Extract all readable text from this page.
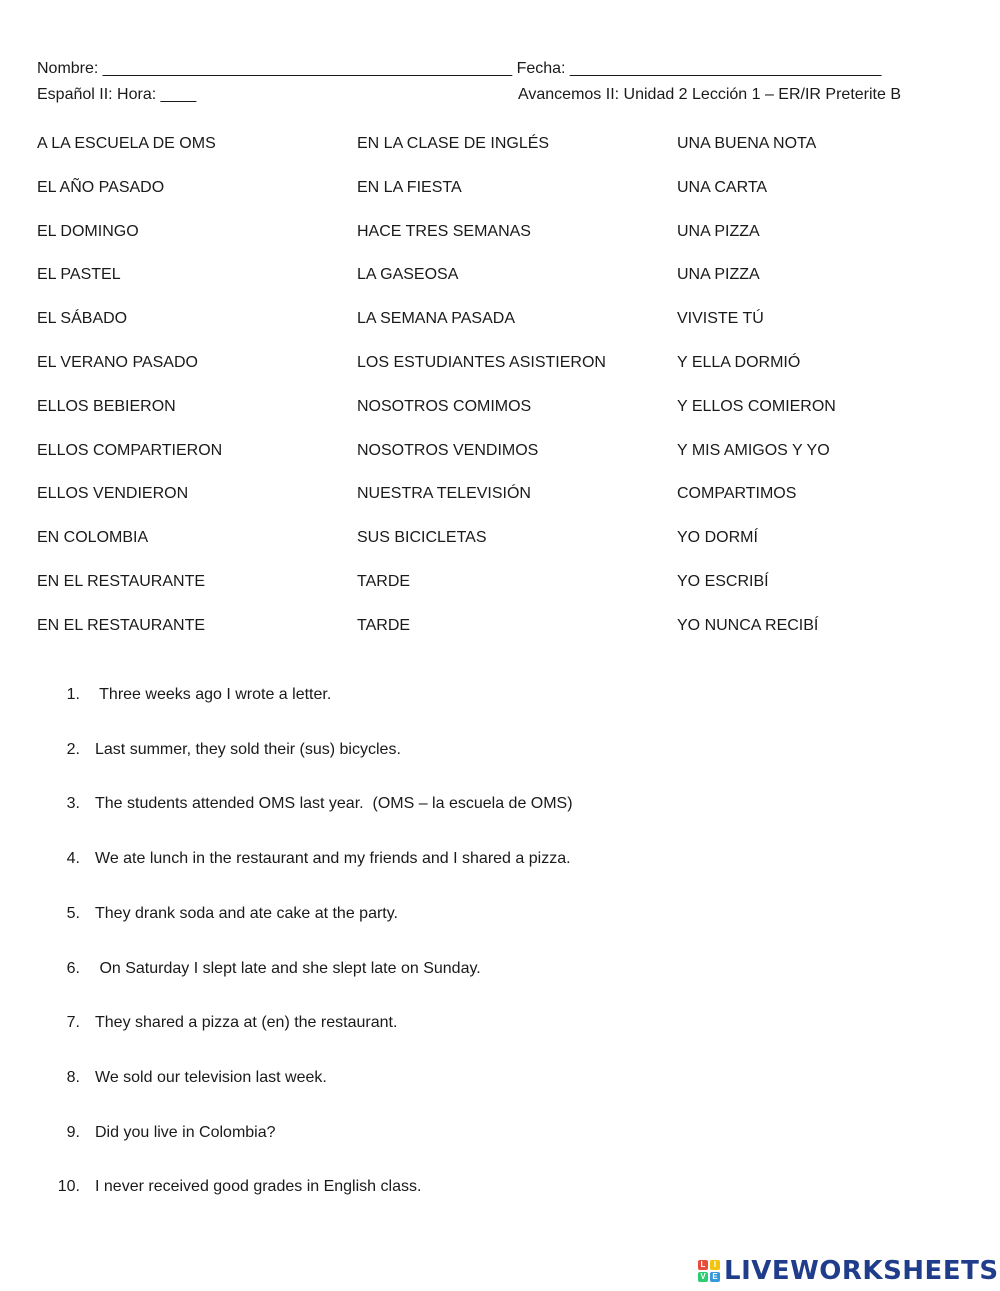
Nombre: ______________________________________________ Fecha: ___________________________________
Español II: Hora: ____	Avancemos II: Unidad 2 Lección 1 – ER/IR Preterite B
A LA ESCUELA DE OMS
EL AÑO PASADO
EL DOMINGO
EL PASTEL
EL SÁBADO
EL VERANO PASADO
ELLOS BEBIERON
ELLOS COMPARTIERON
ELLOS VENDIERON
EN COLOMBIA
EN EL RESTAURANTE
EN EL RESTAURANTE
EN LA CLASE DE INGLÉS
EN LA FIESTA
HACE TRES SEMANAS
LA GASEOSA
LA SEMANA PASADA
LOS ESTUDIANTES ASISTIERON
NOSOTROS COMIMOS
NOSOTROS VENDIMOS
NUESTRA TELEVISIÓN
SUS BICICLETAS
TARDE
TARDE
UNA BUENA NOTA
UNA CARTA
UNA PIZZA
UNA PIZZA
VIVISTE TÚ
Y ELLA DORMIÓ
Y ELLOS COMIERON
Y MIS AMIGOS Y YO
COMPARTIMOS
YO DORMÍ
YO ESCRIBÍ
YO NUNCA RECIBÍ
1. Three weeks ago I wrote a letter.
2. Last summer, they sold their (sus) bicycles.
3. The students attended OMS last year.  (OMS – la escuela de OMS)
4. We ate lunch in the restaurant and my friends and I shared a pizza.
5. They drank soda and ate cake at the party.
6. On Saturday I slept late and she slept late on Sunday.
7. They shared a pizza at (en) the restaurant.
8. We sold our television last week.
9. Did you live in Colombia?
10. I never received good grades in English class.
L	I
V E LIVEWORKSHEETS
